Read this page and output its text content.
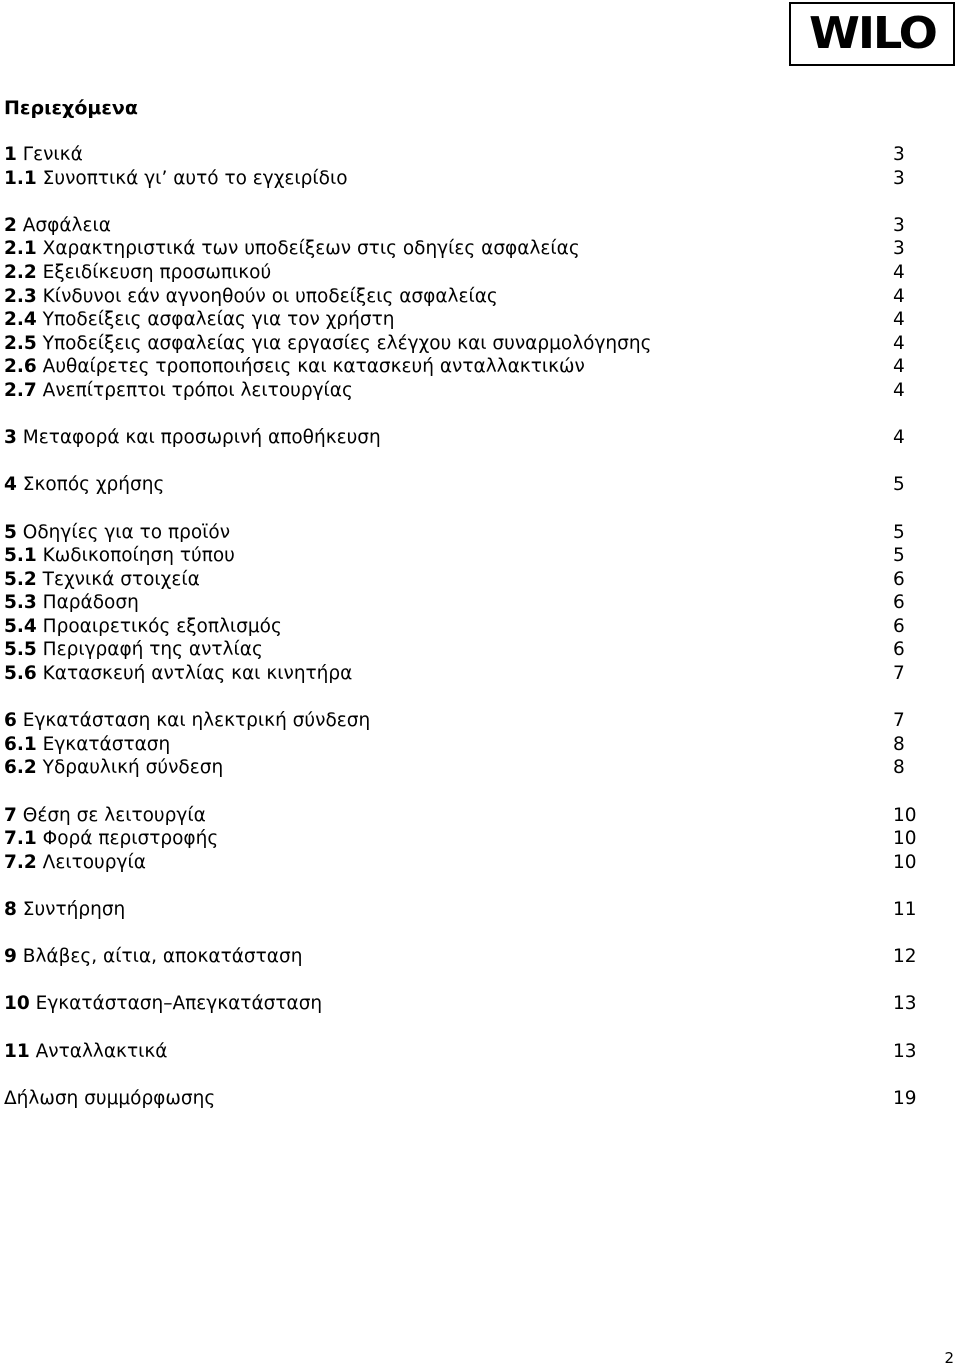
WILO
Περιεχόμενα
1 Γενικά	3
1.1 Συνοπτικά γι’ αυτό το εγχειρίδιο	3
2 Ασφάλεια	3
2.1 Χαρακτηριστικά των υποδείξεων στις οδηγίες ασφαλείας	3
2.2 Εξειδίκευση προσωπικού	4
2.3 Κίνδυνοι εάν αγνοηθούν οι υποδείξεις ασφαλείας	4
2.4 Υποδείξεις ασφαλείας για τον χρήστη	4
2.5 Υποδείξεις ασφαλείας για εργασίες ελέγχου και συναρμολόγησης	4
2.6 Αυθαίρετες τροποποιήσεις και κατασκευή ανταλλακτικών	4
2.7 Ανεπίτρεπτοι τρόποι λειτουργίας	4
3 Μεταφορά και προσωρινή αποθήκευση	4
4 Σκοπός χρήσης	5
5 Οδηγίες για το προϊόν	5
5.1 Κωδικοποίηση τύπου	5
5.2 Τεχνικά στοιχεία	6
5.3 Παράδοση	6
5.4 Προαιρετικός εξοπλισμός	6
5.5 Περιγραφή της αντλίας	6
5.6 Κατασκευή αντλίας και κινητήρα	7
6 Εγκατάσταση και ηλεκτρική σύνδεση	7
6.1 Εγκατάσταση	8
6.2 Υδραυλική σύνδεση	8
7 Θέση σε λειτουργία	10
7.1 Φορά περιστροφής	10
7.2 Λειτουργία	10
8 Συντήρηση	11
9 Βλάβες, αίτια, αποκατάσταση	12
10 Εγκατάσταση–Απεγκατάσταση	13
11 Ανταλλακτικά	13
Δήλωση συμμόρφωσης	19
2
